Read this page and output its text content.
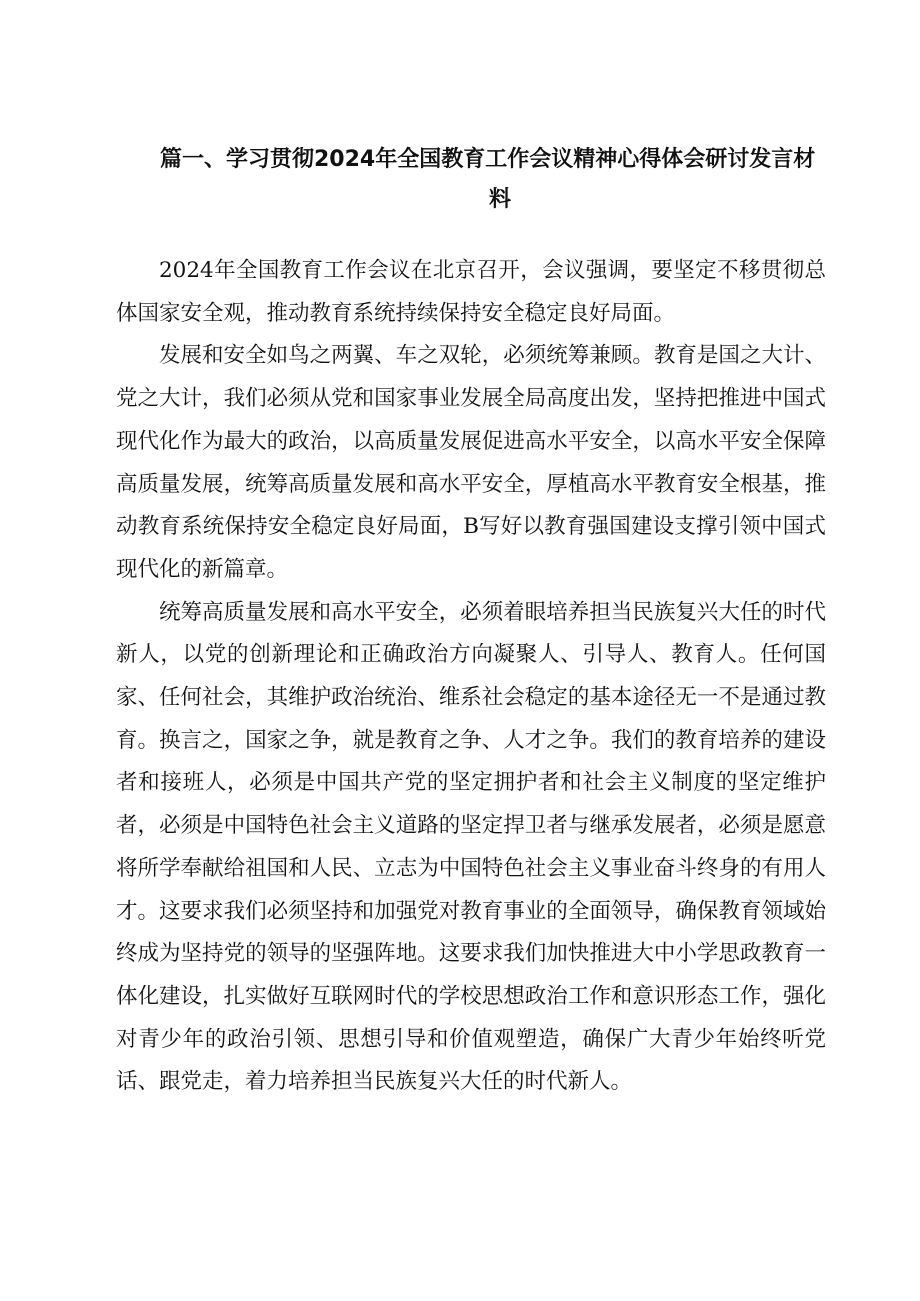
篇一、学习贯彻2024年全国教育工作会议精神心得体会研讨发言材
料

2024年全国教育工作会议在北京召开，会议强调，要坚定不移贯彻总体国家安全观，推动教育系统持续保持安全稳定良好局面。

发展和安全如鸟之两翼、车之双轮，必须统筹兼顾。教育是国之大计、党之大计，我们必须从党和国家事业发展全局高度出发，坚持把推进中国式现代化作为最大的政治，以高质量发展促进高水平安全，以高水平安全保障高质量发展，统筹高质量发展和高水平安全，厚植高水平教育安全根基，推动教育系统保持安全稳定良好局面，B写好以教育强国建设支撑引领中国式现代化的新篇章。

统筹高质量发展和高水平安全，必须着眼培养担当民族复兴大任的时代新人，以党的创新理论和正确政治方向凝聚人、引导人、教育人。任何国家、任何社会，其维护政治统治、维系社会稳定的基本途径无一不是通过教育。换言之，国家之争，就是教育之争、人才之争。我们的教育培养的建设者和接班人，必须是中国共产党的坚定拥护者和社会主义制度的坚定维护者，必须是中国特色社会主义道路的坚定捍卫者与继承发展者，必须是愿意将所学奉献给祖国和人民、立志为中国特色社会主义事业奋斗终身的有用人才。这要求我们必须坚持和加强党对教育事业的全面领导，确保教育领域始终成为坚持党的领导的坚强阵地。这要求我们加快推进大中小学思政教育一体化建设，扎实做好互联网时代的学校思想政治工作和意识形态工作，强化对青少年的政治引领、思想引导和价值观塑造，确保广大青少年始终听党话、跟党走，着力培养担当民族复兴大任的时代新人。
